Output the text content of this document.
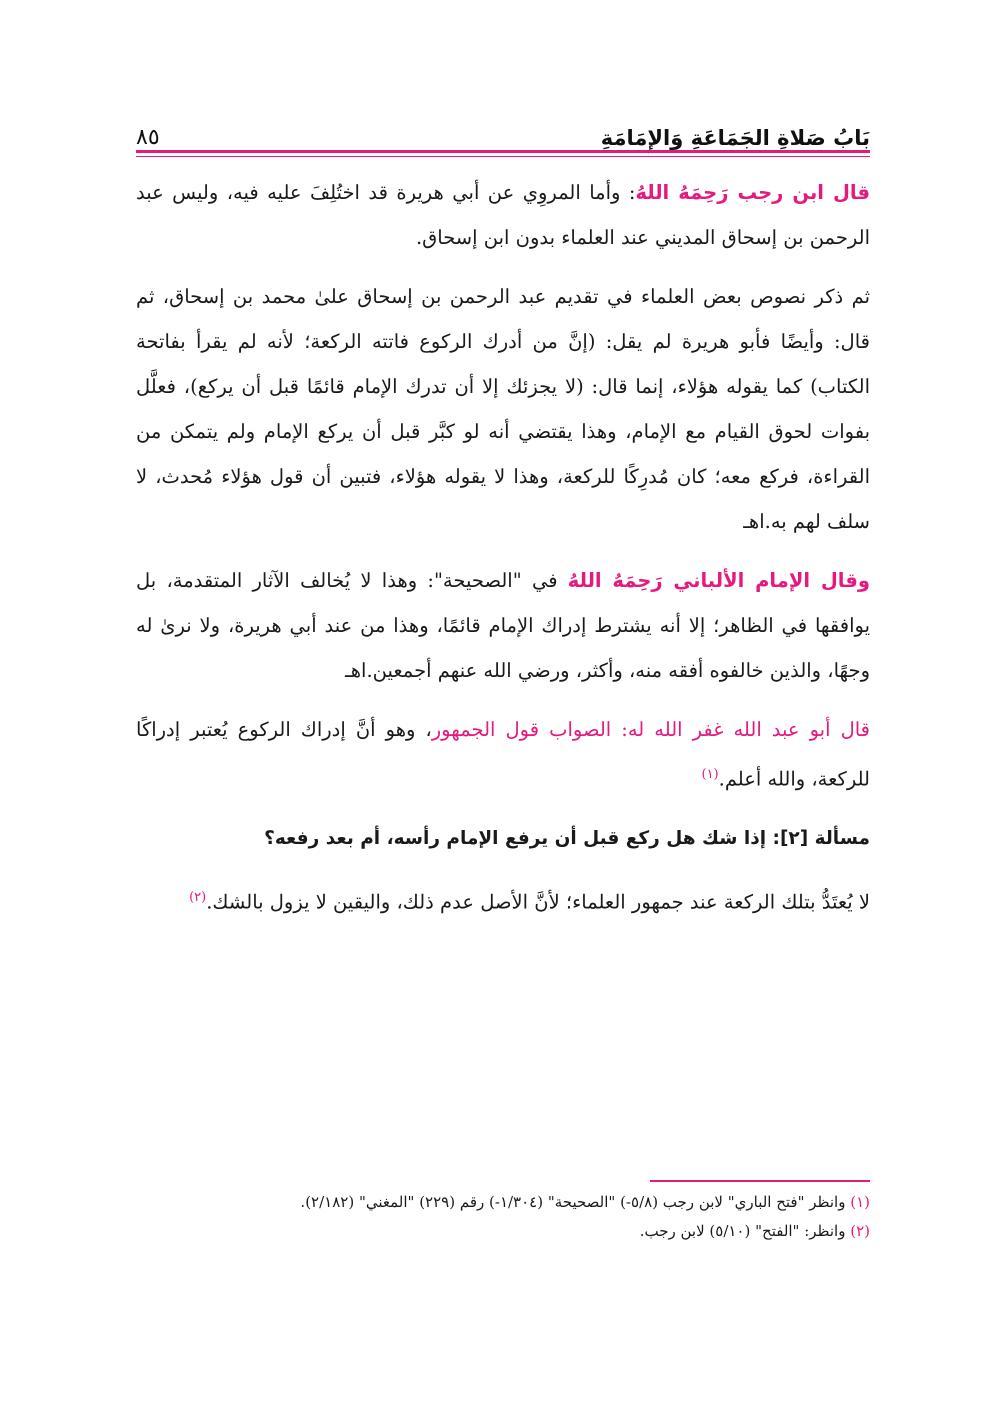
بَابُ صَلاةِ الجَمَاعَةِ وَالإِمَامَةِ
٨٥

قال ابن رجب رَحِمَهُ اللهُ: وأما المروِي عن أبي هريرة قد اختُلِفَ عليه فيه، وليس عبد الرحمن بن إسحاق المديني عند العلماء بدون ابن إسحاق.

ثم ذكر نصوص بعض العلماء في تقديم عبد الرحمن بن إسحاق علىٰ محمد بن إسحاق، ثم قال: وأيضًا فأبو هريرة لم يقل: (إنَّ من أدرك الركوع فاتته الركعة؛ لأنه لم يقرأ بفاتحة الكتاب) كما يقوله هؤلاء، إنما قال: (لا يجزئك إلا أن تدرك الإمام قائمًا قبل أن يركع)، فعلَّل بفوات لحوق القيام مع الإمام، وهذا يقتضي أنه لو كبَّر قبل أن يركع الإمام ولم يتمكن من القراءة، فركع معه؛ كان مُدرِكًا للركعة، وهذا لا يقوله هؤلاء، فتبين أن قول هؤلاء مُحدث، لا سلف لهم به.اهـ

وقال الإمام الألباني رَحِمَهُ اللهُ في "الصحيحة": وهذا لا يُخالف الآثار المتقدمة، بل يوافقها في الظاهر؛ إلا أنه يشترط إدراك الإمام قائمًا، وهذا من عند أبي هريرة، ولا نرىٰ له وجهًا، والذين خالفوه أفقه منه، وأكثر، ورضي الله عنهم أجمعين.اهـ

قال أبو عبد الله غفر الله له: الصواب قول الجمهور، وهو أنَّ إدراك الركوع يُعتبر إدراكًا للركعة، والله أعلم.$^{(١)}$

مسألة [٢]: إذا شك هل ركع قبل أن يرفع الإمام رأسه، أم بعد رفعه؟

لا يُعتَدُّ بتلك الركعة عند جمهور العلماء؛ لأنَّ الأصل عدم ذلك، واليقين لا يزول بالشك.$^{(٢)}$

(١) وانظر "فتح الباري" لابن رجب (٥/٨-) "الصحيحة" (١/٣٠٤-) رقم (٢٢٩) "المغني" (٢/١٨٢).

(٢) وانظر: "الفتح" (٥/١٠) لابن رجب.
